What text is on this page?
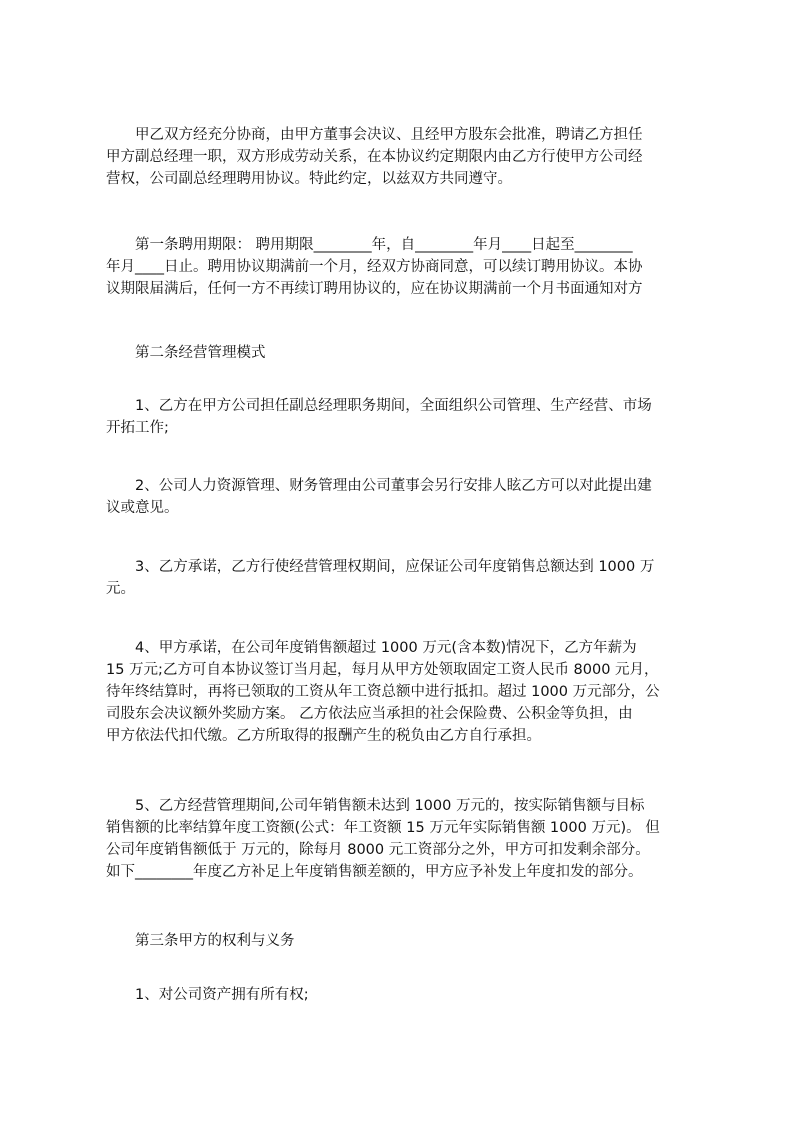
　　甲乙双方经充分协商，由甲方董事会决议、且经甲方股东会批准，聘请乙方担任
甲方副总经理一职，双方形成劳动关系，在本协议约定期限内由乙方行使甲方公司经
营权，公司副总经理聘用协议。特此约定，以兹双方共同遵守。
　　第一条聘用期限： 聘用期限________年，自________年月____日起至________
年月____日止。聘用协议期满前一个月，经双方协商同意，可以续订聘用协议。本协
议期限届满后，任何一方不再续订聘用协议的，应在协议期满前一个月书面通知对方
　　第二条经营管理模式
　　1、乙方在甲方公司担任副总经理职务期间，全面组织公司管理、生产经营、市场
开拓工作;
　　2、公司人力资源管理、财务管理由公司董事会另行安排人眩乙方可以对此提出建
议或意见。
　　3、乙方承诺，乙方行使经营管理权期间，应保证公司年度销售总额达到 1000 万
元。
　　4、甲方承诺，在公司年度销售额超过 1000 万元(含本数)情况下，乙方年薪为
15 万元;乙方可自本协议签订当月起，每月从甲方处领取固定工资人民币 8000 元月，
待年终结算时，再将已领取的工资从年工资总额中进行抵扣。超过 1000 万元部分，公
司股东会决议额外奖励方案。 乙方依法应当承担的社会保险费、公积金等负担，由
甲方依法代扣代缴。乙方所取得的报酬产生的税负由乙方自行承担。
　　5、乙方经营管理期间,公司年销售额未达到 1000 万元的，按实际销售额与目标
销售额的比率结算年度工资额(公式：年工资额 15 万元年实际销售额 1000 万元)。 但
公司年度销售额低于 万元的，除每月 8000 元工资部分之外，甲方可扣发剩余部分。
如下________年度乙方补足上年度销售额差额的，甲方应予补发上年度扣发的部分。
　　第三条甲方的权利与义务
　　1、对公司资产拥有所有权;
